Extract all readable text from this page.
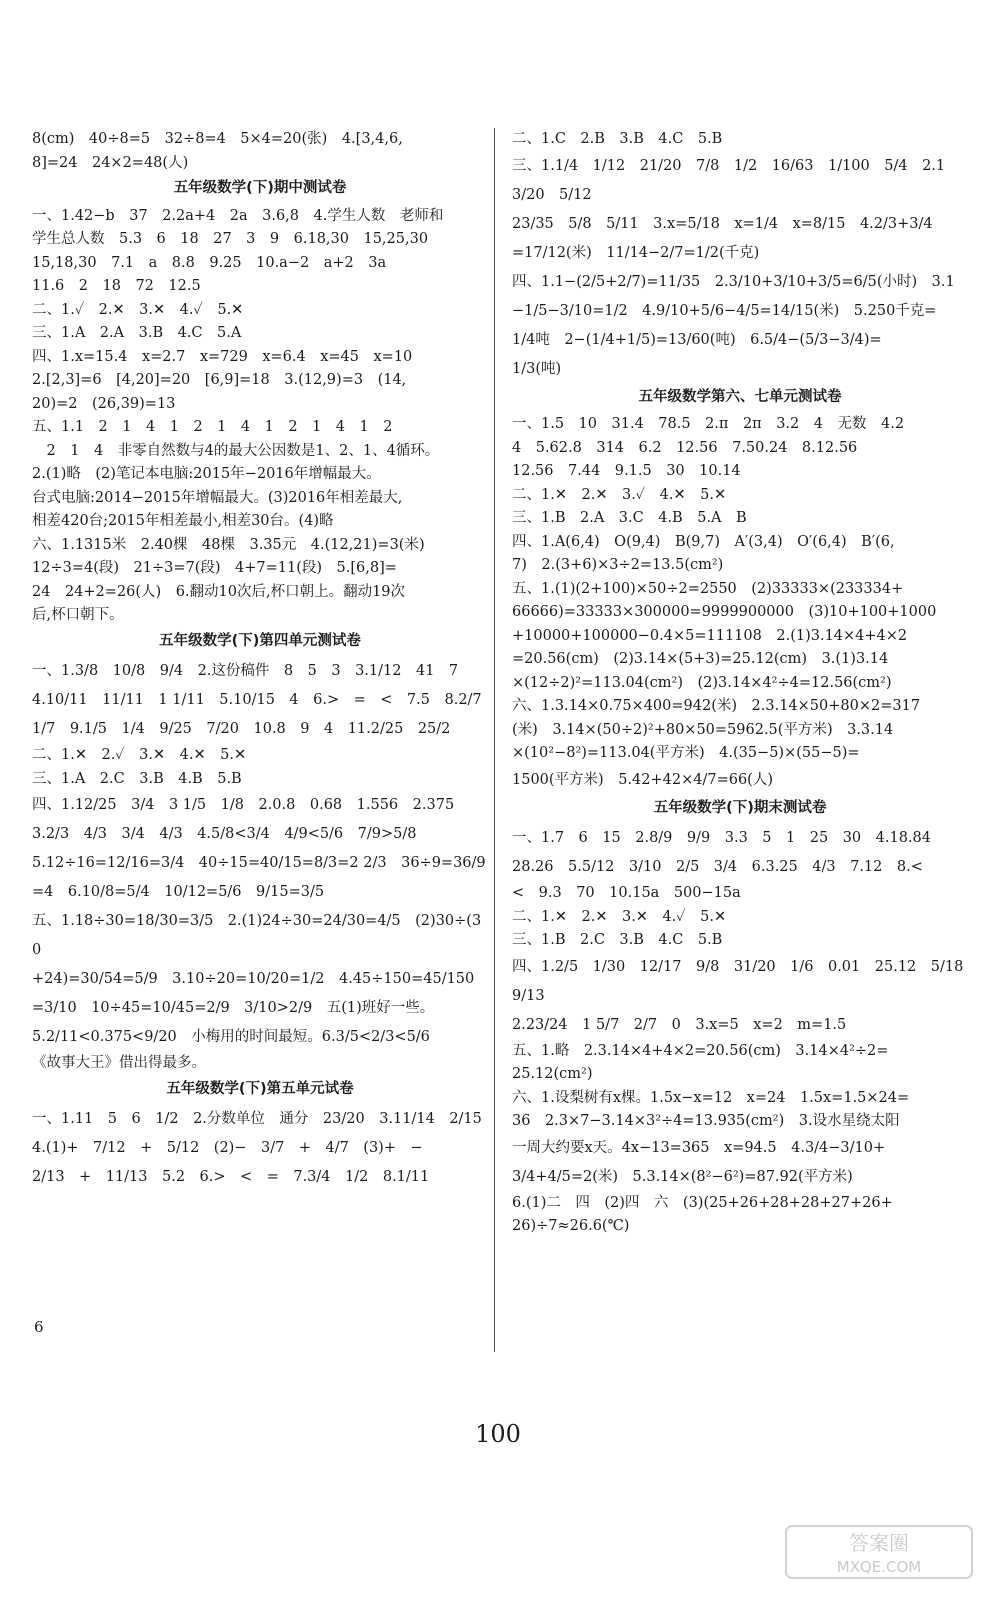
8(cm)　40÷8=5　32÷8=4　5×4=20(张)　4.[3,4,6,
8]=24　24×2=48(人)
五年级数学(下)期中测试卷
一、1.42−b　37　2.2a+4　2a　3.6,8　4.学生人数　老师和
学生总人数　5.3　6　18　27　3　9　6.18,30　15,25,30
15,18,30　7.1　a　8.8　9.25　10.a−2　a+2　3a
11.6　2　18　72　12.5
二、1.✓　2.✕　3.✕　4.✓　5.✕
三、1.A　2.A　3.B　4.C　5.A
四、1.x=15.4　x=2.7　x=729　x=6.4　x=45　x=10
2.[2,3]=6　[4,20]=20　[6,9]=18　3.(12,9)=3　(14,
20)=2　(26,39)=13
五、1.1　2　1　4　1　2　1　4　1　2　1　4　1　2
　2　1　4　非零自然数与4的最大公因数是1、2、1、4循环。
2.(1)略　(2)笔记本电脑:2015年−2016年增幅最大。
台式电脑:2014−2015年增幅最大。(3)2016年相差最大,
相差420台;2015年相差最小,相差30台。(4)略
六、1.1315米　2.40棵　48棵　3.35元　4.(12,21)=3(米)
12÷3=4(段)　21÷3=7(段)　4+7=11(段)　5.[6,8]=
24　24+2=26(人)　6.翻动10次后,杯口朝上。翻动19次
后,杯口朝下。
五年级数学(下)第四单元测试卷
一、1.3/8　10/8　9/4　2.这份稿件　8　5　3　3.1/12　41　7
4.10/11　11/11　1 1/11　5.10/15　4　6.>　=　<　7.5　8.2/7
1/7　9.1/5　1/4　9/25　7/20　10.8　9　4　11.2/25　25/2
二、1.✕　2.✓　3.✕　4.✕　5.✕
三、1.A　2.C　3.B　4.B　5.B
四、1.12/25　3/4　3 1/5　1/8　2.0.8　0.68　1.556　2.375
3.2/3　4/3　3/4　4/3　4.5/8<3/4　4/9<5/6　7/9>5/8
5.12÷16=12/16=3/4　40÷15=40/15=8/3=2 2/3　36÷9=36/9
=4　6.10/8=5/4　10/12=5/6　9/15=3/5
五、1.18÷30=18/30=3/5　2.(1)24÷30=24/30=4/5　(2)30÷(30
+24)=30/54=5/9　3.10÷20=10/20=1/2　4.45÷150=45/150
=3/10　10÷45=10/45=2/9　3/10>2/9　五(1)班好一些。
5.2/11<0.375<9/20　小梅用的时间最短。6.3/5<2/3<5/6
《故事大王》借出得最多。
五年级数学(下)第五单元试卷
一、1.11　5　6　1/2　2.分数单位　通分　23/20　3.11/14　2/15
4.(1)+　7/12　+　5/12　(2)−　3/7　+　4/7　(3)+　−
2/13　+　11/13　5.2　6.>　<　=　7.3/4　1/2　8.1/11
二、1.C　2.B　3.B　4.C　5.B
三、1.1/4　1/12　21/20　7/8　1/2　16/63　1/100　5/4　2.1　3/20　5/12
23/35　5/8　5/11　3.x=5/18　x=1/4　x=8/15　4.2/3+3/4
=17/12(米)　11/14−2/7=1/2(千克)
四、1.1−(2/5+2/7)=11/35　2.3/10+3/10+3/5=6/5(小时)　3.1
−1/5−3/10=1/2　4.9/10+5/6−4/5=14/15(米)　5.250千克=
1/4吨　2−(1/4+1/5)=13/60(吨)　6.5/4−(5/3−3/4)=
1/3(吨)
五年级数学第六、七单元测试卷
一、1.5　10　31.4　78.5　2.π　2π　3.2　4　无数　4.2
4　5.62.8　314　6.2　12.56　7.50.24　8.12.56
12.56　7.44　9.1.5　30　10.14
二、1.✕　2.✕　3.✓　4.✕　5.✕
三、1.B　2.A　3.C　4.B　5.A　B
四、1.A(6,4)　O(9,4)　B(9,7)　A′(3,4)　O′(6,4)　B′(6,
7)　2.(3+6)×3÷2=13.5(cm²)
五、1.(1)(2+100)×50÷2=2550　(2)33333×(233334+
66666)=33333×300000=9999900000　(3)10+100+1000
+10000+100000−0.4×5=111108　2.(1)3.14×4+4×2
=20.56(cm)　(2)3.14×(5+3)=25.12(cm)　3.(1)3.14
×(12÷2)²=113.04(cm²)　(2)3.14×4²÷4=12.56(cm²)
六、1.3.14×0.75×400=942(米)　2.3.14×50+80×2=317
(米)　3.14×(50÷2)²+80×50=5962.5(平方米)　3.3.14
×(10²−8²)=113.04(平方米)　4.(35−5)×(55−5)=
1500(平方米)　5.42+42×4/7=66(人)
五年级数学(下)期末测试卷
一、1.7　6　15　2.8/9　9/9　3.3　5　1　25　30　4.18.84
28.26　5.5/12　3/10　2/5　3/4　6.3.25　4/3　7.12　8.<
<　9.3　70　10.15a　500−15a
二、1.✕　2.✕　3.✕　4.✓　5.✕
三、1.B　2.C　3.B　4.C　5.B
四、1.2/5　1/30　12/17　9/8　31/20　1/6　0.01　25.12　5/18　9/13
2.23/24　1 5/7　2/7　0　3.x=5　x=2　m=1.5
五、1.略　2.3.14×4+4×2=20.56(cm)　3.14×4²÷2=
25.12(cm²)
六、1.设梨树有x棵。1.5x−x=12　x=24　1.5x=1.5×24=
36　2.3×7−3.14×3²÷4=13.935(cm²)　3.设水星绕太阳
一周大约要x天。4x−13=365　x=94.5　4.3/4−3/10+
3/4+4/5=2(米)　5.3.14×(8²−6²)=87.92(平方米)
6.(1)二　四　(2)四　六　(3)(25+26+28+28+27+26+
26)÷7≈26.6(℃)
6
100
答案圈
MXQE.COM
